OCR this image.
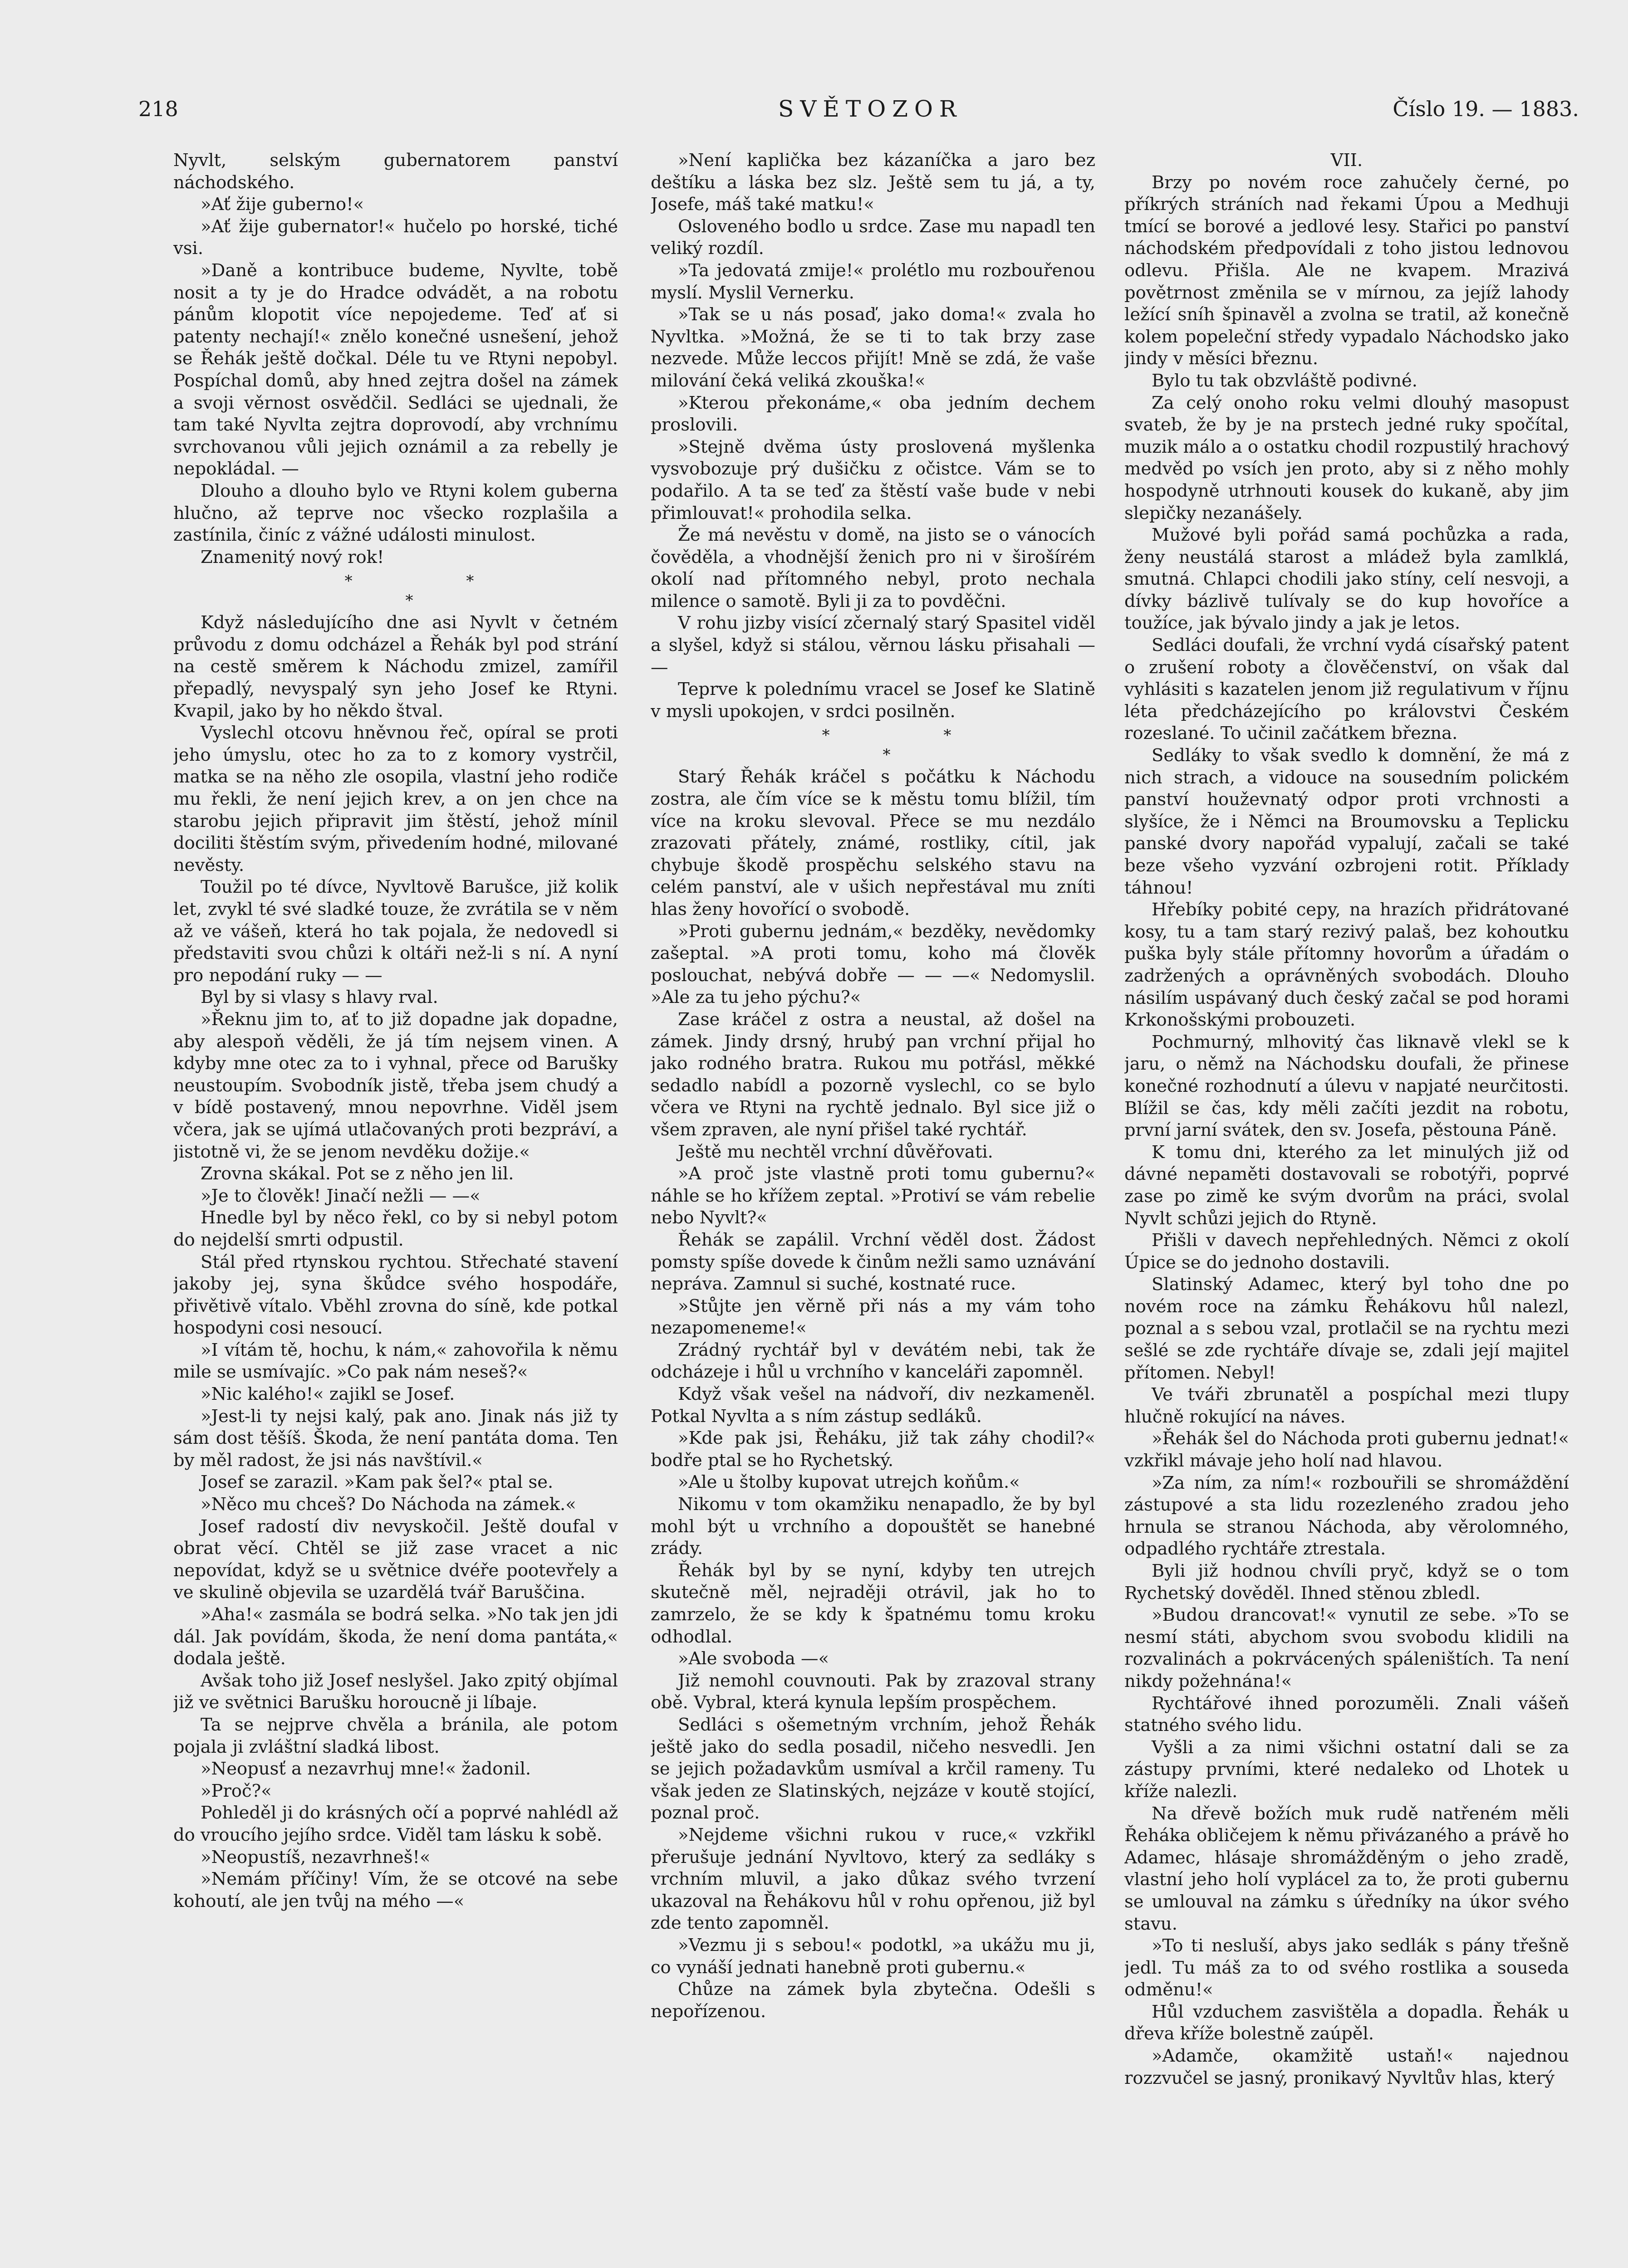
218	SVĚTOZOR	Číslo 19. — 1883.

Nyvlt, selským gubernatorem panství náchodského.

»Ať žije guberno!«

»Ať žije gubernator!« hučelo po horské, tiché vsi.

»Daně a kontribuce budeme, Nyvlte, tobě nosit a ty je do Hradce odvádět, a na robotu pánům klopotit více nepojedeme. Teď ať si patenty nechají!« znělo konečné usnešení, jehož se Řehák ještě dočkal. Déle tu ve Rtyni nepobyl. Pospíchal domů, aby hned zejtra došel na zámek a svoji věrnost osvědčil. Sedláci se ujednali, že tam také Nyvlta zejtra doprovodí, aby vrchnímu svrchovanou vůli jejich oznámil a za rebelly je nepokládal. —

Dlouho a dlouho bylo ve Rtyni kolem guberna hlučno, až teprve noc všecko rozplašila a zastínila, činíc z vážné události minulost.

Znamenitý nový rok!

* *

*

Když následujícího dne asi Nyvlt v četném průvodu z domu odcházel a Řehák byl pod strání na cestě směrem k Náchodu zmizel, zamířil přepadlý, nevyspalý syn jeho Josef ke Rtyni. Kvapil, jako by ho někdo štval.

Vyslechl otcovu hněvnou řeč, opíral se proti jeho úmyslu, otec ho za to z komory vystrčil, matka se na něho zle osopila, vlastní jeho rodiče mu řekli, že není jejich krev, a on jen chce na starobu jejich připravit jim štěstí, jehož mínil dociliti štěstím svým, přivedením hodné, milované nevěsty.

Toužil po té dívce, Nyvltově Barušce, již kolik let, zvykl té své sladké touze, že zvrátila se v něm až ve vášeň, která ho tak pojala, že nedovedl si představiti svou chůzi k oltáři než-li s ní. A nyní pro nepodání ruky — —

Byl by si vlasy s hlavy rval.

»Řeknu jim to, ať to již dopadne jak dopadne, aby alespoň věděli, že já tím nejsem vinen. A kdyby mne otec za to i vyhnal, přece od Barušky neustoupím. Svobodník jistě, třeba jsem chudý a v bídě postavený, mnou nepovrhne. Viděl jsem včera, jak se ujímá utlačovaných proti bezpráví, a jistotně vi, že se jenom nevděku dožije.«

Zrovna skákal. Pot se z něho jen lil.

»Je to člověk! Jinačí nežli — —«

Hnedle byl by něco řekl, co by si nebyl potom do nejdelší smrti odpustil.

Stál před rtynskou rychtou. Střechaté stavení jakoby jej, syna škůdce svého hospodáře, přivětivě vítalo. Vběhl zrovna do síně, kde potkal hospodyni cosi nesoucí.

»I vítám tě, hochu, k nám,« zahovořila k němu mile se usmívajíc. »Co pak nám neseš?«

»Nic kalého!« zajikl se Josef.

»Jest-li ty nejsi kalý, pak ano. Jinak nás již ty sám dost těšíš. Škoda, že není pantáta doma. Ten by měl radost, že jsi nás navštívil.«

Josef se zarazil. »Kam pak šel?« ptal se.

»Něco mu chceš? Do Náchoda na zámek.«

Josef radostí div nevyskočil. Ještě doufal v obrat věcí. Chtěl se již zase vracet a nic nepovídat, když se u světnice dvéře pootevřely a ve skulině objevila se uzardělá tvář Baruščina.

»Aha!« zasmála se bodrá selka. »No tak jen jdi dál. Jak povídám, škoda, že není doma pantáta,« dodala ještě.

Avšak toho již Josef neslyšel. Jako zpitý objímal již ve světnici Barušku horoucně ji líbaje.

Ta se nejprve chvěla a bránila, ale potom pojala ji zvláštní sladká libost.

»Neopusť a nezavrhuj mne!« žadonil.

»Proč?«

Pohleděl ji do krásných očí a poprvé nahlédl až do vroucího jejího srdce. Viděl tam lásku k sobě.

»Neopustíš, nezavrhneš!«

»Nemám příčiny! Vím, že se otcové na sebe kohoutí, ale jen tvůj na mého —«

»Není kaplička bez kázaníčka a jaro bez deštíku a láska bez slz. Ještě sem tu já, a ty, Josefe, máš také matku!«

Osloveného bodlo u srdce. Zase mu napadl ten veliký rozdíl.

»Ta jedovatá zmije!« prolétlo mu rozbouřenou myslí. Myslil Vernerku.

»Tak se u nás posaď, jako doma!« zvala ho Nyvltka. »Možná, že se ti to tak brzy zase nezvede. Může leccos přijít! Mně se zdá, že vaše milování čeká veliká zkouška!«

»Kterou překonáme,« oba jedním dechem proslovili.

»Stejně dvěma ústy proslovená myšlenka vysvobozuje prý dušičku z očistce. Vám se to podařilo. A ta se teď za štěstí vaše bude v nebi přimlouvat!« prohodila selka.

Že má nevěstu v domě, na jisto se o vánocích čověděla, a vhodnější ženich pro ni v širošírém okolí nad přítomného nebyl, proto nechala milence o samotě. Byli ji za to povděčni.

V rohu jizby visící zčernalý starý Spasitel viděl a slyšel, když si stálou, věrnou lásku přisahali — —

Teprve k polednímu vracel se Josef ke Slatině v mysli upokojen, v srdci posilněn.

* *

*

Starý Řehák kráčel s počátku k Náchodu zostra, ale čím více se k městu tomu blížil, tím více na kroku slevoval. Přece se mu nezdálo zrazovati přátely, známé, rostliky, cítil, jak chybuje škodě prospěchu selského stavu na celém panství, ale v ušich nepřestával mu zníti hlas ženy hovořící o svobodě.

»Proti gubernu jednám,« bezděky, nevědomky zašeptal. »A proti tomu, koho má člověk poslouchat, nebývá dobře — — —« Nedomyslil. »Ale za tu jeho pýchu?«

Zase kráčel z ostra a neustal, až došel na zámek. Jindy drsný, hrubý pan vrchní přijal ho jako rodného bratra. Rukou mu potřásl, měkké sedadlo nabídl a pozorně vyslechl, co se bylo včera ve Rtyni na rychtě jednalo. Byl sice již o všem zpraven, ale nyní přišel také rychtář.

Ještě mu nechtěl vrchní důvěřovati.

»A proč jste vlastně proti tomu gubernu?« náhle se ho křížem zeptal. »Protiví se vám rebelie nebo Nyvlt?«

Řehák se zapálil. Vrchní věděl dost. Žádost pomsty spíše dovede k činům nežli samo uznávání nepráva. Zamnul si suché, kostnaté ruce.

»Stůjte jen věrně při nás a my vám toho nezapomeneme!«

Zrádný rychtář byl v devátém nebi, tak že odcházeje i hůl u vrchního v kanceláři zapomněl.

Když však vešel na nádvoří, div nezkameněl. Potkal Nyvlta a s ním zástup sedláků.

»Kde pak jsi, Řeháku, již tak záhy chodil?« bodře ptal se ho Rychetský.

»Ale u štolby kupovat utrejch koňům.«

Nikomu v tom okamžiku nenapadlo, že by byl mohl být u vrchního a dopouštět se hanebné zrády.

Řehák byl by se nyní, kdyby ten utrejch skutečně měl, nejraději otrávil, jak ho to zamrzelo, že se kdy k špatnému tomu kroku odhodlal.

»Ale svoboda —«

Již nemohl couvnouti. Pak by zrazoval strany obě. Vybral, která kynula lepším prospěchem.

Sedláci s ošemetným vrchním, jehož Řehák ještě jako do sedla posadil, ničeho nesvedli. Jen se jejich požadavkům usmíval a krčil rameny. Tu však jeden ze Slatinských, nejzáze v koutě stojící, poznal proč.

»Nejdeme všichni rukou v ruce,« vzkřikl přerušuje jednání Nyvltovo, který za sedláky s vrchním mluvil, a jako důkaz svého tvrzení ukazoval na Řehákovu hůl v rohu opřenou, již byl zde tento zapomněl.

»Vezmu ji s sebou!« podotkl, »a ukážu mu ji, co vynáší jednati hanebně proti gubernu.«

Chůze na zámek byla zbytečna. Odešli s nepořízenou.

VII.

Brzy po novém roce zahučely černé, po příkrých stráních nad řekami Úpou a Medhuji tmící se borové a jedlové lesy. Stařici po panství náchodském předpovídali z toho jistou lednovou odlevu. Přišla. Ale ne kvapem. Mrazivá povětrnost změnila se v mírnou, za jejíž lahody ležící sníh špinavěl a zvolna se tratil, až konečně kolem popeleční středy vypadalo Náchodsko jako jindy v měsíci březnu.

Bylo tu tak obzvláště podivné.

Za celý onoho roku velmi dlouhý masopust svateb, že by je na prstech jedné ruky spočítal, muzik málo a o ostatku chodil rozpustilý hrachový medvěd po vsích jen proto, aby si z něho mohly hospodyně utrhnouti kousek do kukaně, aby jim slepičky nezanášely.

Mužové byli pořád samá pochůzka a rada, ženy neustálá starost a mládež byla zamlklá, smutná. Chlapci chodili jako stíny, celí nesvoji, a dívky bázlivě tulívaly se do kup hovoříce a toužíce, jak bývalo jindy a jak je letos.

Sedláci doufali, že vrchní vydá císařský patent o zrušení roboty a člověčenství, on však dal vyhlásiti s kazatelen jenom již regulativum v říjnu léta předcházejícího po královstvi Českém rozeslané. To učinil začátkem března.

Sedláky to však svedlo k domnění, že má z nich strach, a vidouce na sousedním polickém panství houževnatý odpor proti vrchnosti a slyšíce, že i Němci na Broumovsku a Teplicku panské dvory napořád vypalují, začali se také beze všeho vyzvání ozbrojeni rotit. Příklady táhnou!

Hřebíky pobité cepy, na hrazích přidrátované kosy, tu a tam starý rezivý palaš, bez kohoutku puška byly stále přítomny hovorům a úřadám o zadržených a oprávněných svobodách. Dlouho násilím uspávaný duch český začal se pod horami Krkonošskými probouzeti.

Pochmurný, mlhovitý čas liknavě vlekl se k jaru, o němž na Náchodsku doufali, že přinese konečné rozhodnutí a úlevu v napjaté neurčitosti. Blížil se čas, kdy měli začíti jezdit na robotu, první jarní svátek, den sv. Josefa, pěstouna Páně.

K tomu dni, kterého za let minulých již od dávné nepaměti dostavovali se robotýři, poprvé zase po zimě ke svým dvorům na práci, svolal Nyvlt schůzi jejich do Rtyně.

Přišli v davech nepřehledných. Němci z okolí Úpice se do jednoho dostavili.

Slatinský Adamec, který byl toho dne po novém roce na zámku Řehákovu hůl nalezl, poznal a s sebou vzal, protlačil se na rychtu mezi sešlé se zde rychtáře dívaje se, zdali její majitel přítomen. Nebyl!

Ve tváři zbrunatěl a pospíchal mezi tlupy hlučně rokující na náves.

»Řehák šel do Náchoda proti gubernu jednat!« vzkřikl mávaje jeho holí nad hlavou.

»Za ním, za ním!« rozbouřili se shromáždění zástupové a sta lidu rozezleného zradou jeho hrnula se stranou Náchoda, aby věrolomného, odpadlého rychtáře ztrestala.

Byli již hodnou chvíli pryč, když se o tom Rychetský dověděl. Ihned stěnou zbledl.

»Budou drancovat!« vynutil ze sebe. »To se nesmí státi, abychom svou svobodu klidili na rozvalinách a pokrvácených spáleništích. Ta není nikdy požehnána!«

Rychtářové ihned porozuměli. Znali vášeň statného svého lidu.

Vyšli a za nimi všichni ostatní dali se za zástupy prvními, které nedaleko od Lhotek u kříže nalezli.

Na dřevě božích muk rudě natřeném měli Řeháka obličejem k němu přivázaného a právě ho Adamec, hlásaje shromážděným o jeho zradě, vlastní jeho holí vyplácel za to, že proti gubernu se umlouval na zámku s úředníky na úkor svého stavu.

»To ti nesluší, abys jako sedlák s pány třešně jedl. Tu máš za to od svého rostlika a souseda odměnu!«

Hůl vzduchem zasvištěla a dopadla. Řehák u dřeva kříže bolestně zaúpěl.

»Adamče, okamžitě ustaň!« najednou rozzvučel se jasný, pronikavý Nyvltův hlas, který
